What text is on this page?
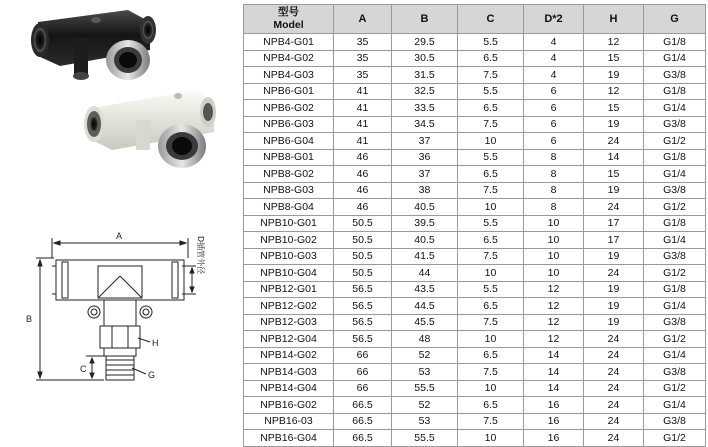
A
B
C
H
G
D插管外径
型号
Model	A	B	C	D*2	H	G
NPB4-G01	35	29.5	5.5	4	12	G1/8
NPB4-G02	35	30.5	6.5	4	15	G1/4
NPB4-G03	35	31.5	7.5	4	19	G3/8
NPB6-G01	41	32.5	5.5	6	12	G1/8
NPB6-G02	41	33.5	6.5	6	15	G1/4
NPB6-G03	41	34.5	7.5	6	19	G3/8
NPB6-G04	41	37	10	6	24	G1/2
NPB8-G01	46	36	5.5	8	14	G1/8
NPB8-G02	46	37	6.5	8	15	G1/4
NPB8-G03	46	38	7.5	8	19	G3/8
NPB8-G04	46	40.5	10	8	24	G1/2
NPB10-G01	50.5	39.5	5.5	10	17	G1/8
NPB10-G02	50.5	40.5	6.5	10	17	G1/4
NPB10-G03	50.5	41.5	7.5	10	19	G3/8
NPB10-G04	50.5	44	10	10	24	G1/2
NPB12-G01	56.5	43.5	5.5	12	19	G1/8
NPB12-G02	56.5	44.5	6.5	12	19	G1/4
NPB12-G03	56.5	45.5	7.5	12	19	G3/8
NPB12-G04	56.5	48	10	12	24	G1/2
NPB14-G02	66	52	6.5	14	24	G1/4
NPB14-G03	66	53	7.5	14	24	G3/8
NPB14-G04	66	55.5	10	14	24	G1/2
NPB16-G02	66.5	52	6.5	16	24	G1/4
NPB16-03	66.5	53	7.5	16	24	G3/8
NPB16-G04	66.5	55.5	10	16	24	G1/2
